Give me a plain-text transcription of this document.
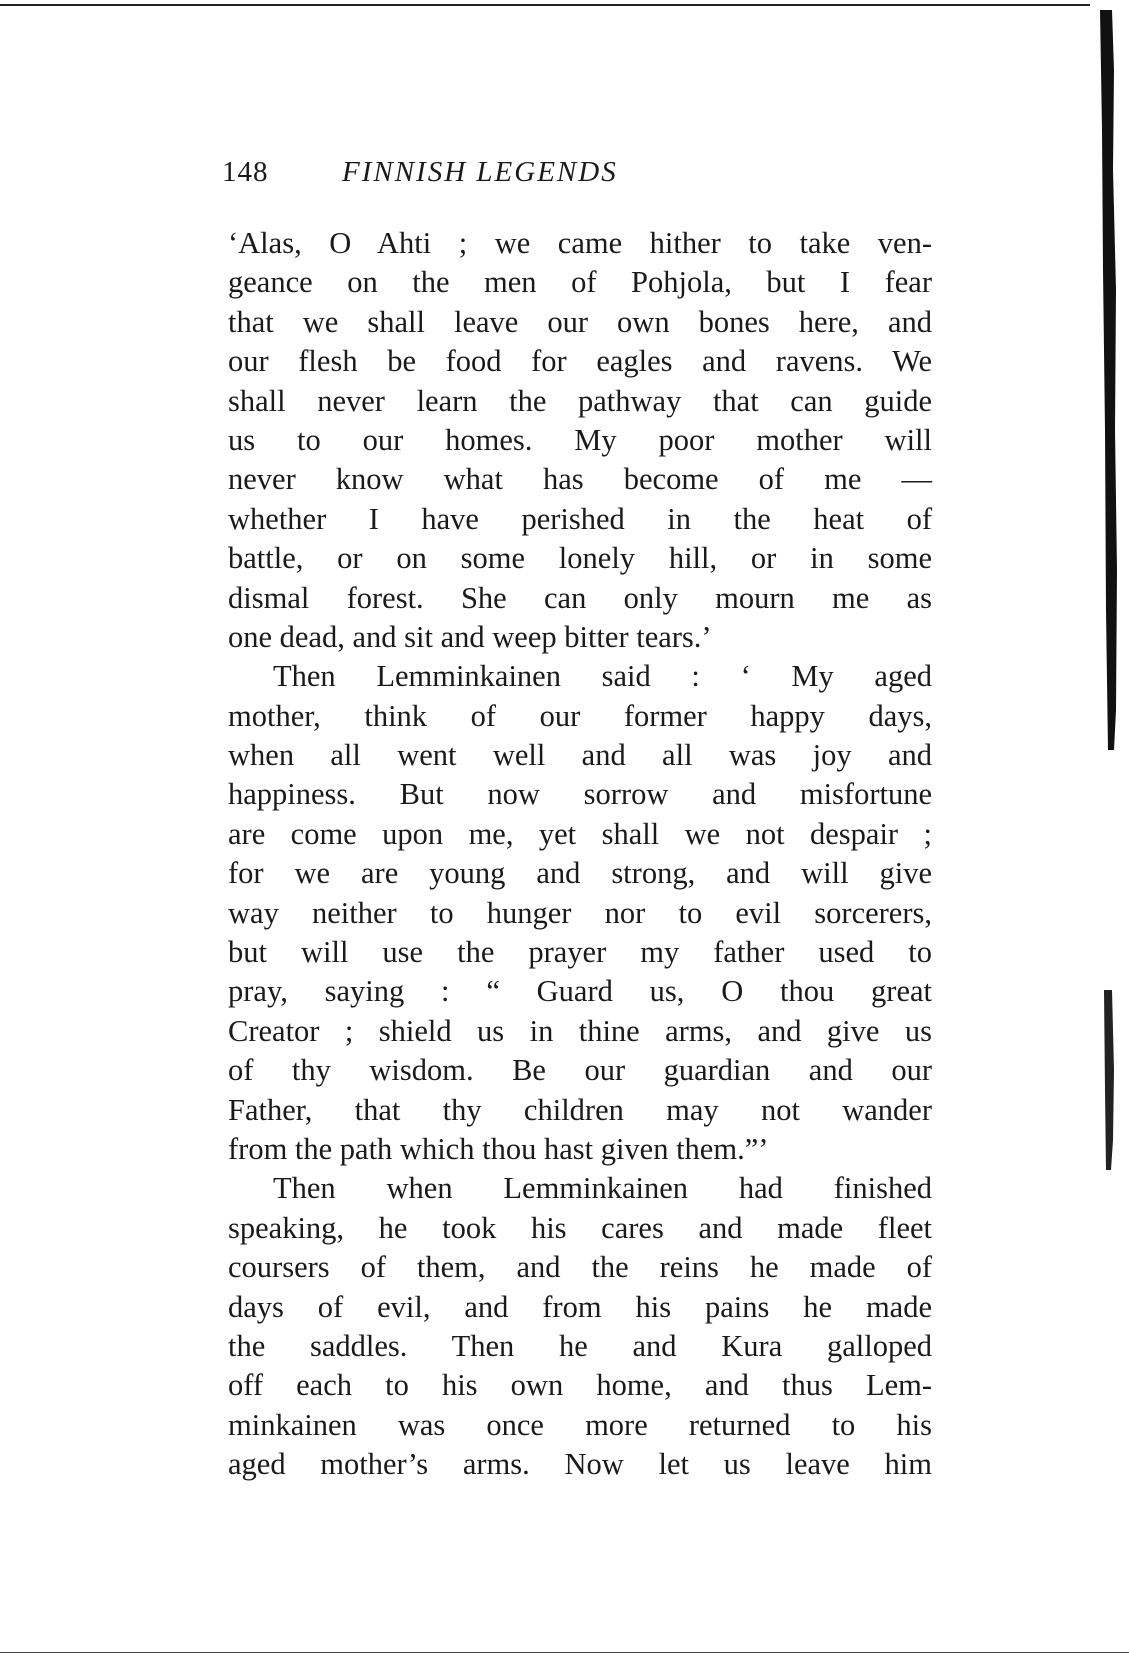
148	FINNISH LEGENDS
‘Alas, O Ahti ; we came hither to take ven-
geance on the men of Pohjola, but I fear
that we shall leave our own bones here, and
our flesh be food for eagles and ravens. We
shall never learn the pathway that can guide
us to our homes. My poor mother will
never know what has become of me —
whether I have perished in the heat of
battle, or on some lonely hill, or in some
dismal forest. She can only mourn me as
one dead, and sit and weep bitter tears.’
Then Lemminkainen said : ‘ My aged
mother, think of our former happy days,
when all went well and all was joy and
happiness. But now sorrow and misfortune
are come upon me, yet shall we not despair ;
for we are young and strong, and will give
way neither to hunger nor to evil sorcerers,
but will use the prayer my father used to
pray, saying : “ Guard us, O thou great
Creator ; shield us in thine arms, and give us
of thy wisdom. Be our guardian and our
Father, that thy children may not wander
from the path which thou hast given them.”’
Then when Lemminkainen had finished
speaking, he took his cares and made fleet
coursers of them, and the reins he made of
days of evil, and from his pains he made
the saddles. Then he and Kura galloped
off each to his own home, and thus Lem-
minkainen was once more returned to his
aged mother’s arms. Now let us leave him
